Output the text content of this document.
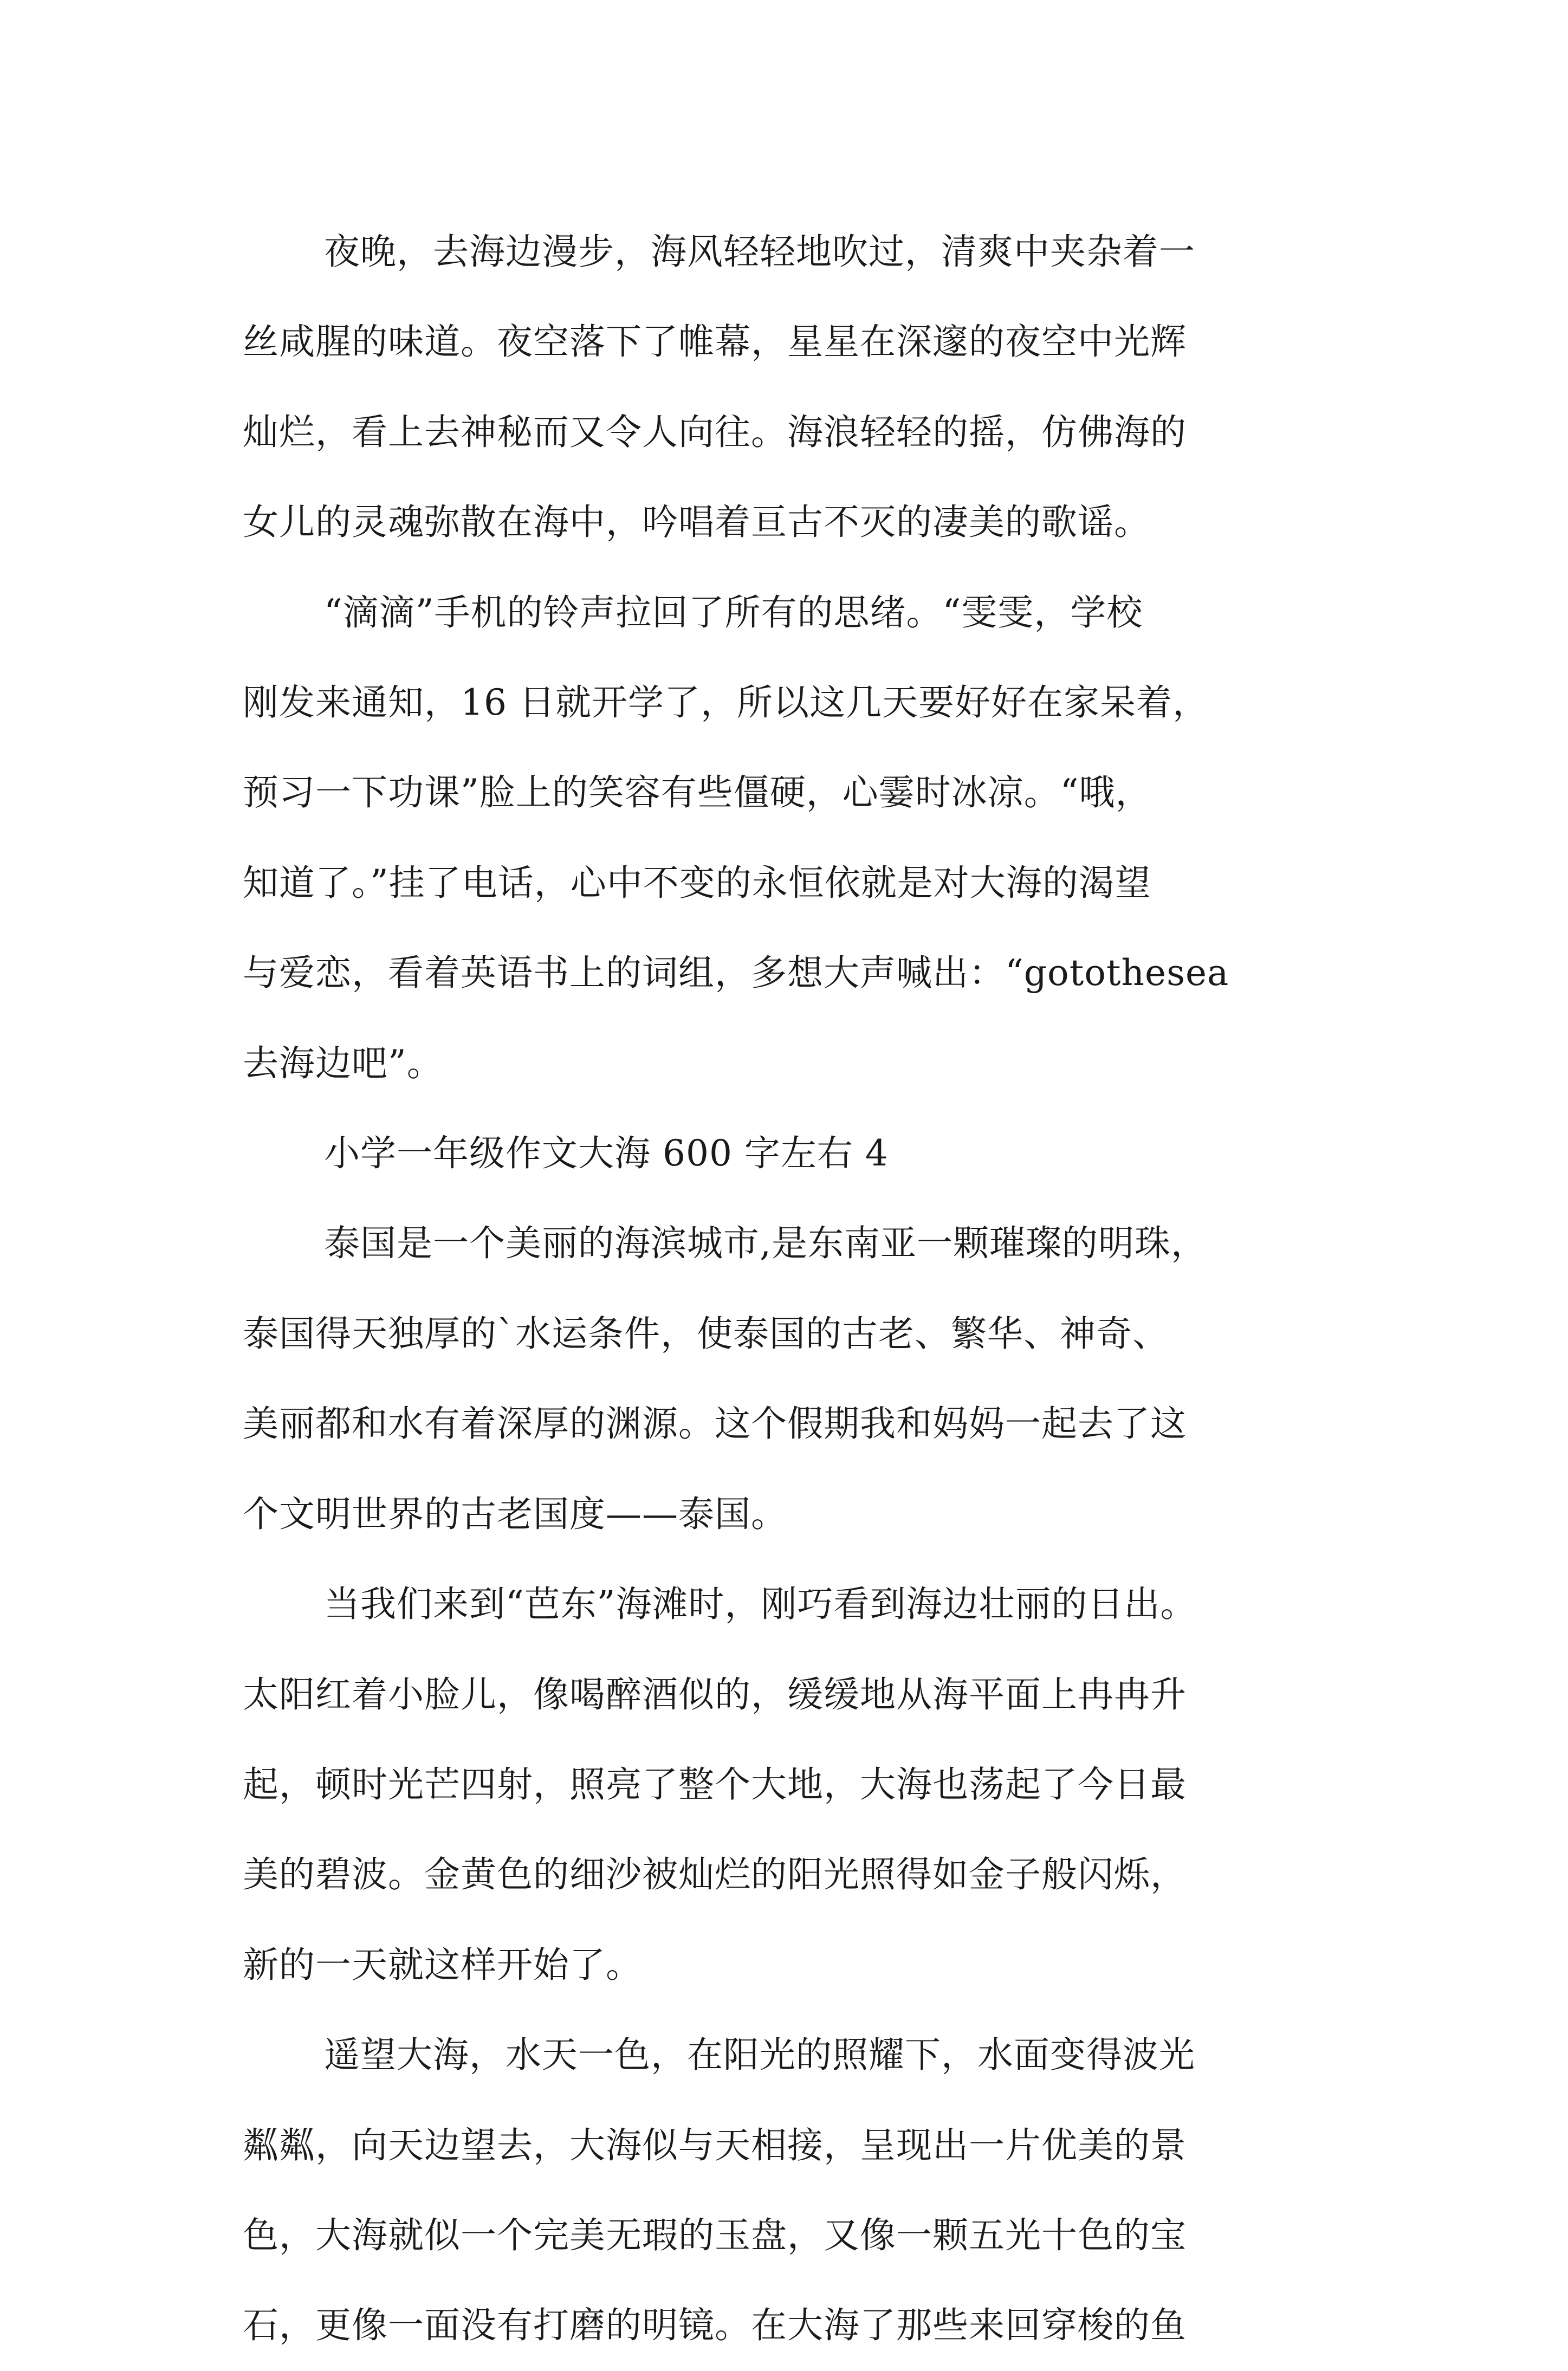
夜晚，去海边漫步，海风轻轻地吹过，清爽中夹杂着一
丝咸腥的味道。夜空落下了帷幕，星星在深邃的夜空中光辉
灿烂，看上去神秘而又令人向往。海浪轻轻的摇，仿佛海的
女儿的灵魂弥散在海中，吟唱着亘古不灭的凄美的歌谣。

“滴滴”手机的铃声拉回了所有的思绪。“雯雯，学校
刚发来通知，16 日就开学了，所以这几天要好好在家呆着，
预习一下功课”脸上的笑容有些僵硬，心霎时冰凉。“哦，
知道了。”挂了电话，心中不变的永恒依就是对大海的渴望
与爱恋，看着英语书上的词组，多想大声喊出：“gotothesea
去海边吧”。

小学一年级作文大海 600 字左右 4

泰国是一个美丽的海滨城市,是东南亚一颗璀璨的明珠，
泰国得天独厚的`水运条件，使泰国的古老、繁华、神奇、
美丽都和水有着深厚的渊源。这个假期我和妈妈一起去了这
个文明世界的古老国度——泰国。

当我们来到“芭东”海滩时，刚巧看到海边壮丽的日出。
太阳红着小脸儿，像喝醉酒似的，缓缓地从海平面上冉冉升
起，顿时光芒四射，照亮了整个大地，大海也荡起了今日最
美的碧波。金黄色的细沙被灿烂的阳光照得如金子般闪烁，
新的一天就这样开始了。

遥望大海，水天一色，在阳光的照耀下，水面变得波光
粼粼，向天边望去，大海似与天相接，呈现出一片优美的景
色，大海就似一个完美无瑕的玉盘，又像一颗五光十色的宝
石，更像一面没有打磨的明镜。在大海了那些来回穿梭的鱼
